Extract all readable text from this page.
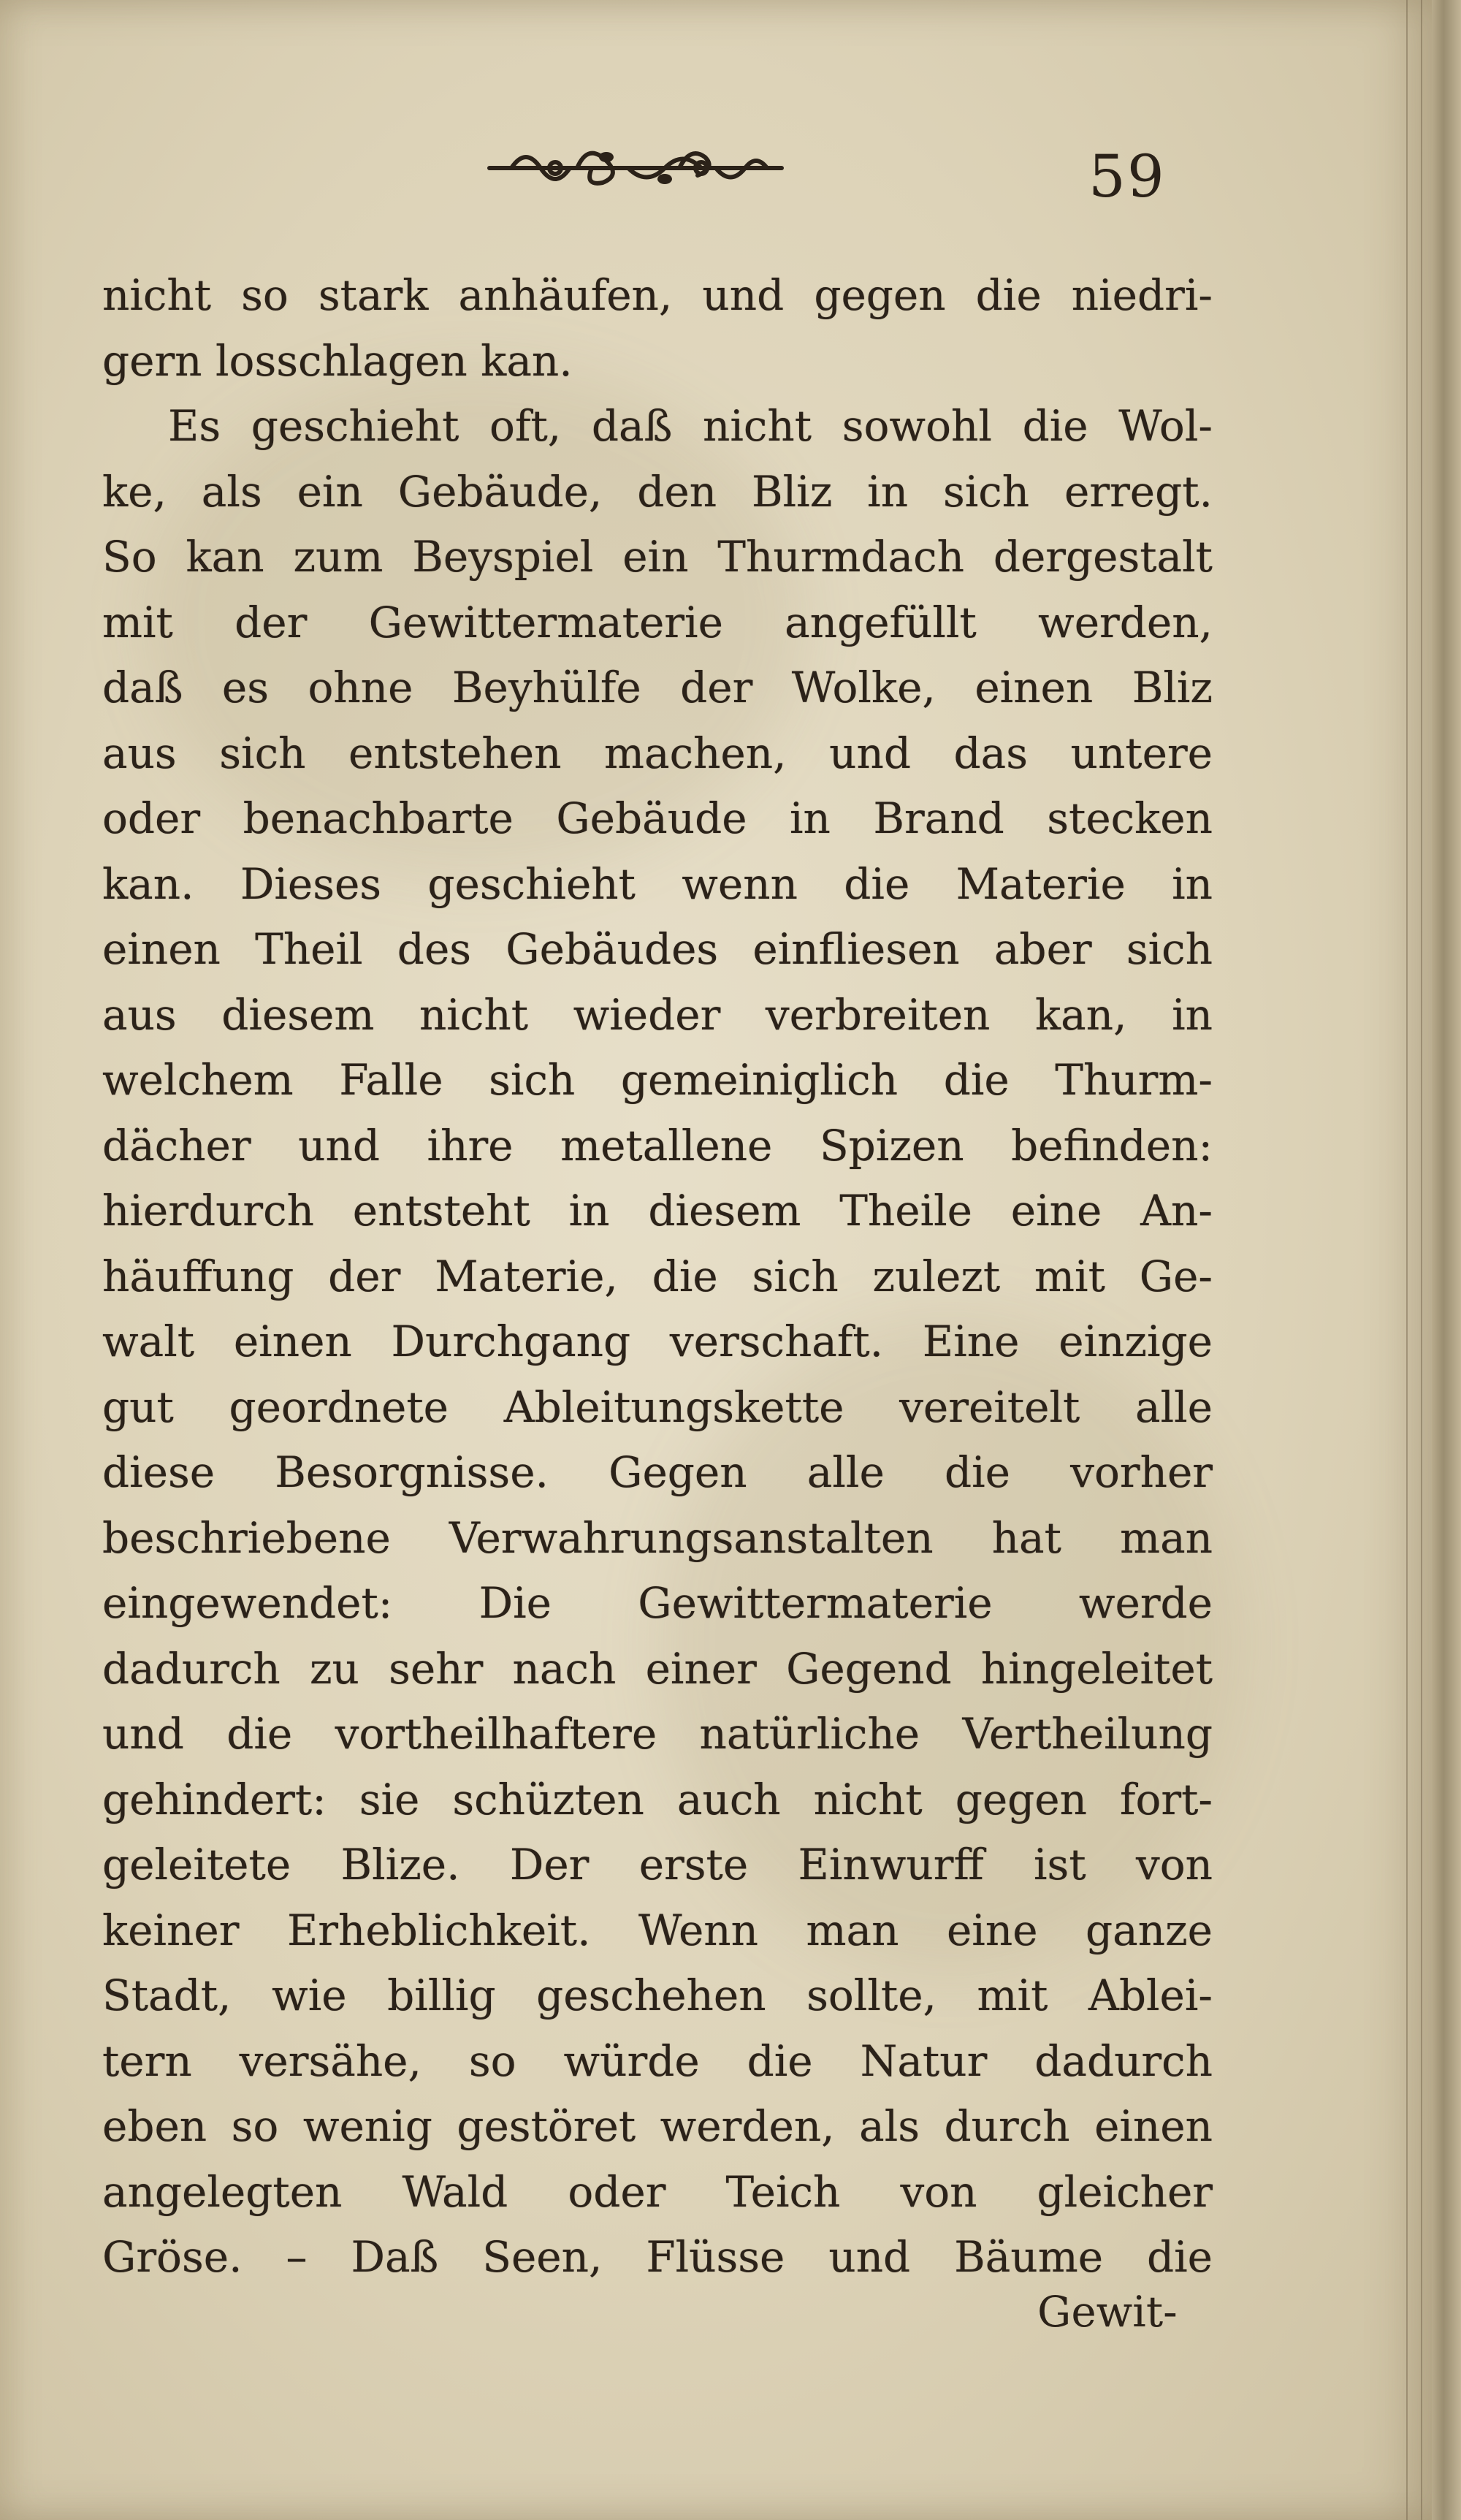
59
nicht so stark anhäufen, und gegen die niedri-
gern losschlagen kan.
Es geschieht oft, daß nicht sowohl die Wol-
ke, als ein Gebäude, den Bliz in sich erregt.
So kan zum Beyspiel ein Thurmdach dergestalt
mit der Gewittermaterie angefüllt werden,
daß es ohne Beyhülfe der Wolke, einen Bliz
aus sich entstehen machen, und das untere
oder benachbarte Gebäude in Brand stecken
kan. Dieses geschieht wenn die Materie in
einen Theil des Gebäudes einfliesen aber sich
aus diesem nicht wieder verbreiten kan, in
welchem Falle sich gemeiniglich die Thurm-
dächer und ihre metallene Spizen befinden:
hierdurch entsteht in diesem Theile eine An-
häuffung der Materie, die sich zulezt mit Ge-
walt einen Durchgang verschaft. Eine einzige
gut geordnete Ableitungskette vereitelt alle
diese Besorgnisse. Gegen alle die vorher
beschriebene Verwahrungsanstalten hat man
eingewendet: Die Gewittermaterie werde
dadurch zu sehr nach einer Gegend hingeleitet
und die vortheilhaftere natürliche Vertheilung
gehindert: sie schüzten auch nicht gegen fort-
geleitete Blize. Der erste Einwurff ist von
keiner Erheblichkeit. Wenn man eine ganze
Stadt, wie billig geschehen sollte, mit Ablei-
tern versähe, so würde die Natur dadurch
eben so wenig gestöret werden, als durch einen
angelegten Wald oder Teich von gleicher
Gröse. – Daß Seen, Flüsse und Bäume die
Gewit-
